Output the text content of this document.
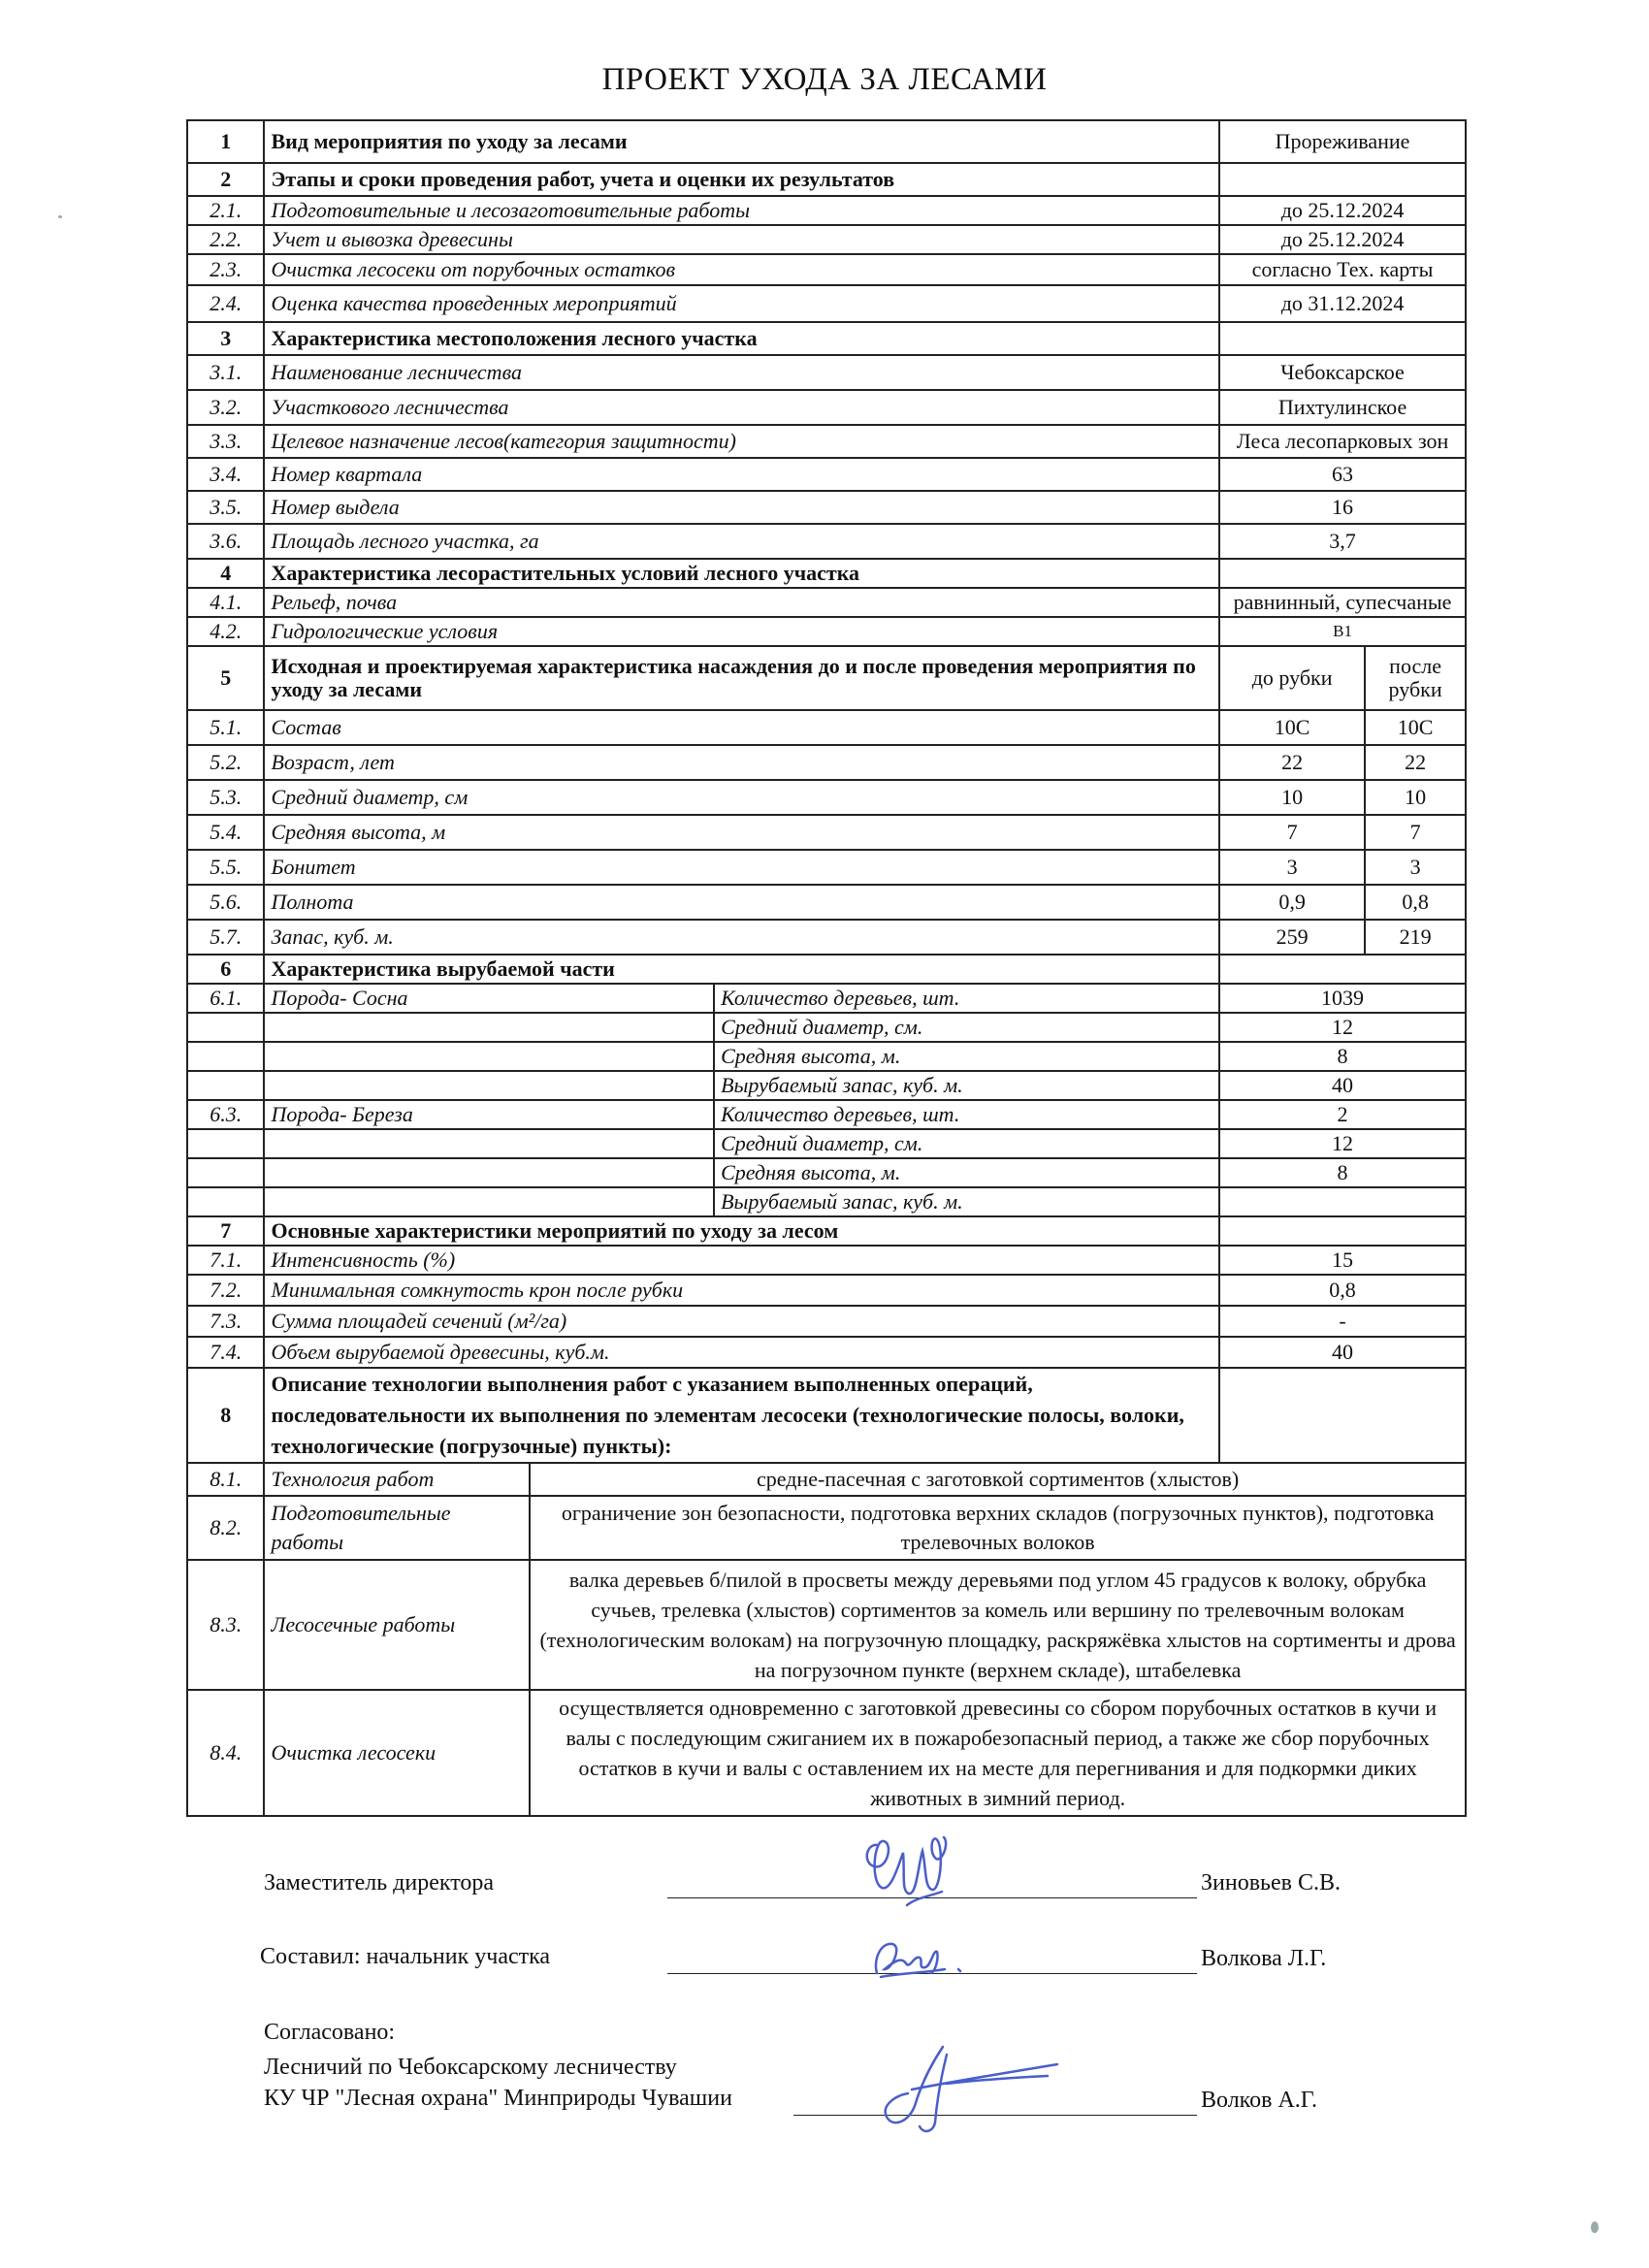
ПРОЕКТ УХОДА ЗА ЛЕСАМИ
1	Вид мероприятия по уходу за лесами			Прореживание	
2	Этапы и сроки проведения работ, учета и оценки их результатов				
2.1.	Подготовительные и лесозаготовительные работы			до 25.12.2024	
2.2.	Учет и вывозка древесины			до 25.12.2024	
2.3.	Очистка лесосеки от порубочных остатков			согласно Тех. карты	
2.4.	Оценка качества проведенных мероприятий			до 31.12.2024	
3	Характеристика местоположения лесного участка				
3.1.	Наименование лесничества			Чебоксарское	
3.2.	Участкового лесничества			Пихтулинское	
3.3.	Целевое назначение лесов(категория защитности)			Леса лесопарковых зон	
3.4.	Номер квартала			63	
3.5.	Номер выдела			16	
3.6.	Площадь лесного участка, га			3,7	
4	Характеристика лесорастительных условий лесного участка				
4.1.	Рельеф, почва			равнинный, супесчаные	
4.2.	Гидрологические условия			В1	
5	Исходная и проектируемая характеристика насаждения до и после проведения мероприятия по уходу за лесами			до рубки	после рубки
5.1.	Состав			10С	10С
5.2.	Возраст, лет			22	22
5.3.	Средний диаметр, см			10	10
5.4.	Средняя высота, м			7	7
5.5.	Бонитет			3	3
5.6.	Полнота			0,9	0,8
5.7.	Запас, куб. м.			259	219
6	Характеристика вырубаемой части				
6.1.	Порода- Сосна		Количество деревьев, шт.	1039	
			Средний диаметр, см.	12	
			Средняя высота, м.	8	
			Вырубаемый запас, куб. м.	40	
6.3.	Порода- Береза		Количество деревьев, шт.	2	
			Средний диаметр, см.	12	
			Средняя высота, м.	8	
			Вырубаемый запас, куб. м.		
7	Основные характеристики мероприятий по уходу за лесом				
7.1.	Интенсивность (%)			15	
7.2.	Минимальная сомкнутость крон после рубки			0,8	
7.3.	Сумма площадей сечений (м²/га)			-	
7.4.	Объем вырубаемой древесины, куб.м.			40	
8	Описание технологии выполнения работ с указанием выполненных операций, последовательности их выполнения по элементам лесосеки (технологические полосы, волоки, технологические (погрузочные) пункты):				
8.1.	Технология работ	средне-пасечная с заготовкой сортиментов (хлыстов)			
8.2.	Подготовительные работы	ограничение зон безопасности, подготовка верхних складов (погрузочных пунктов), подготовка трелевочных волоков			
8.3.	Лесосечные работы	валка деревьев б/пилой в просветы между деревьями под углом 45 градусов к волоку, обрубка сучьев, трелевка (хлыстов) сортиментов за комель или вершину по трелевочным волокам (технологическим волокам) на погрузочную площадку, раскряжёвка хлыстов на сортименты и дрова на погрузочном пункте (верхнем складе), штабелевка			
8.4.	Очистка лесосеки	осуществляется одновременно с заготовкой древесины со сбором порубочных остатков в кучи и валы с последующим сжиганием их в пожаробезопасный период, а также же сбор порубочных остатков в кучи и валы с оставлением их на месте для перегнивания и для подкормки диких животных в зимний период.			
Заместитель директора	Зиновьев С.В.
Составил: начальник участка	Волкова Л.Г.
Согласовано:
Лесничий по Чебоксарскому лесничеству
КУ ЧР "Лесная охрана" Минприроды Чувашии	Волков А.Г.
